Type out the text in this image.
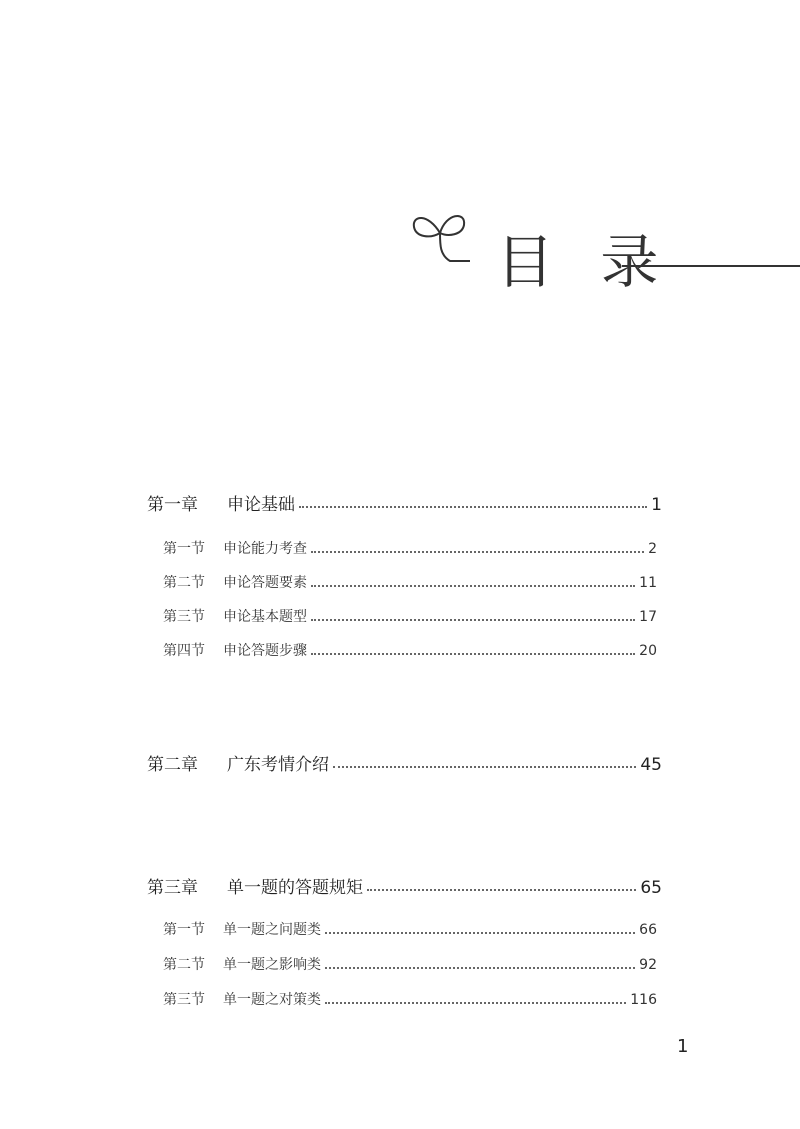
目 录
第一章	申论基础	1
第一节	申论能力考查	2
第二节	申论答题要素	11
第三节	申论基本题型	17
第四节	申论答题步骤	20
第二章	广东考情介绍	45
第三章	单一题的答题规矩	65
第一节	单一题之问题类	66
第二节	单一题之影响类	92
第三节	单一题之对策类	116
1
